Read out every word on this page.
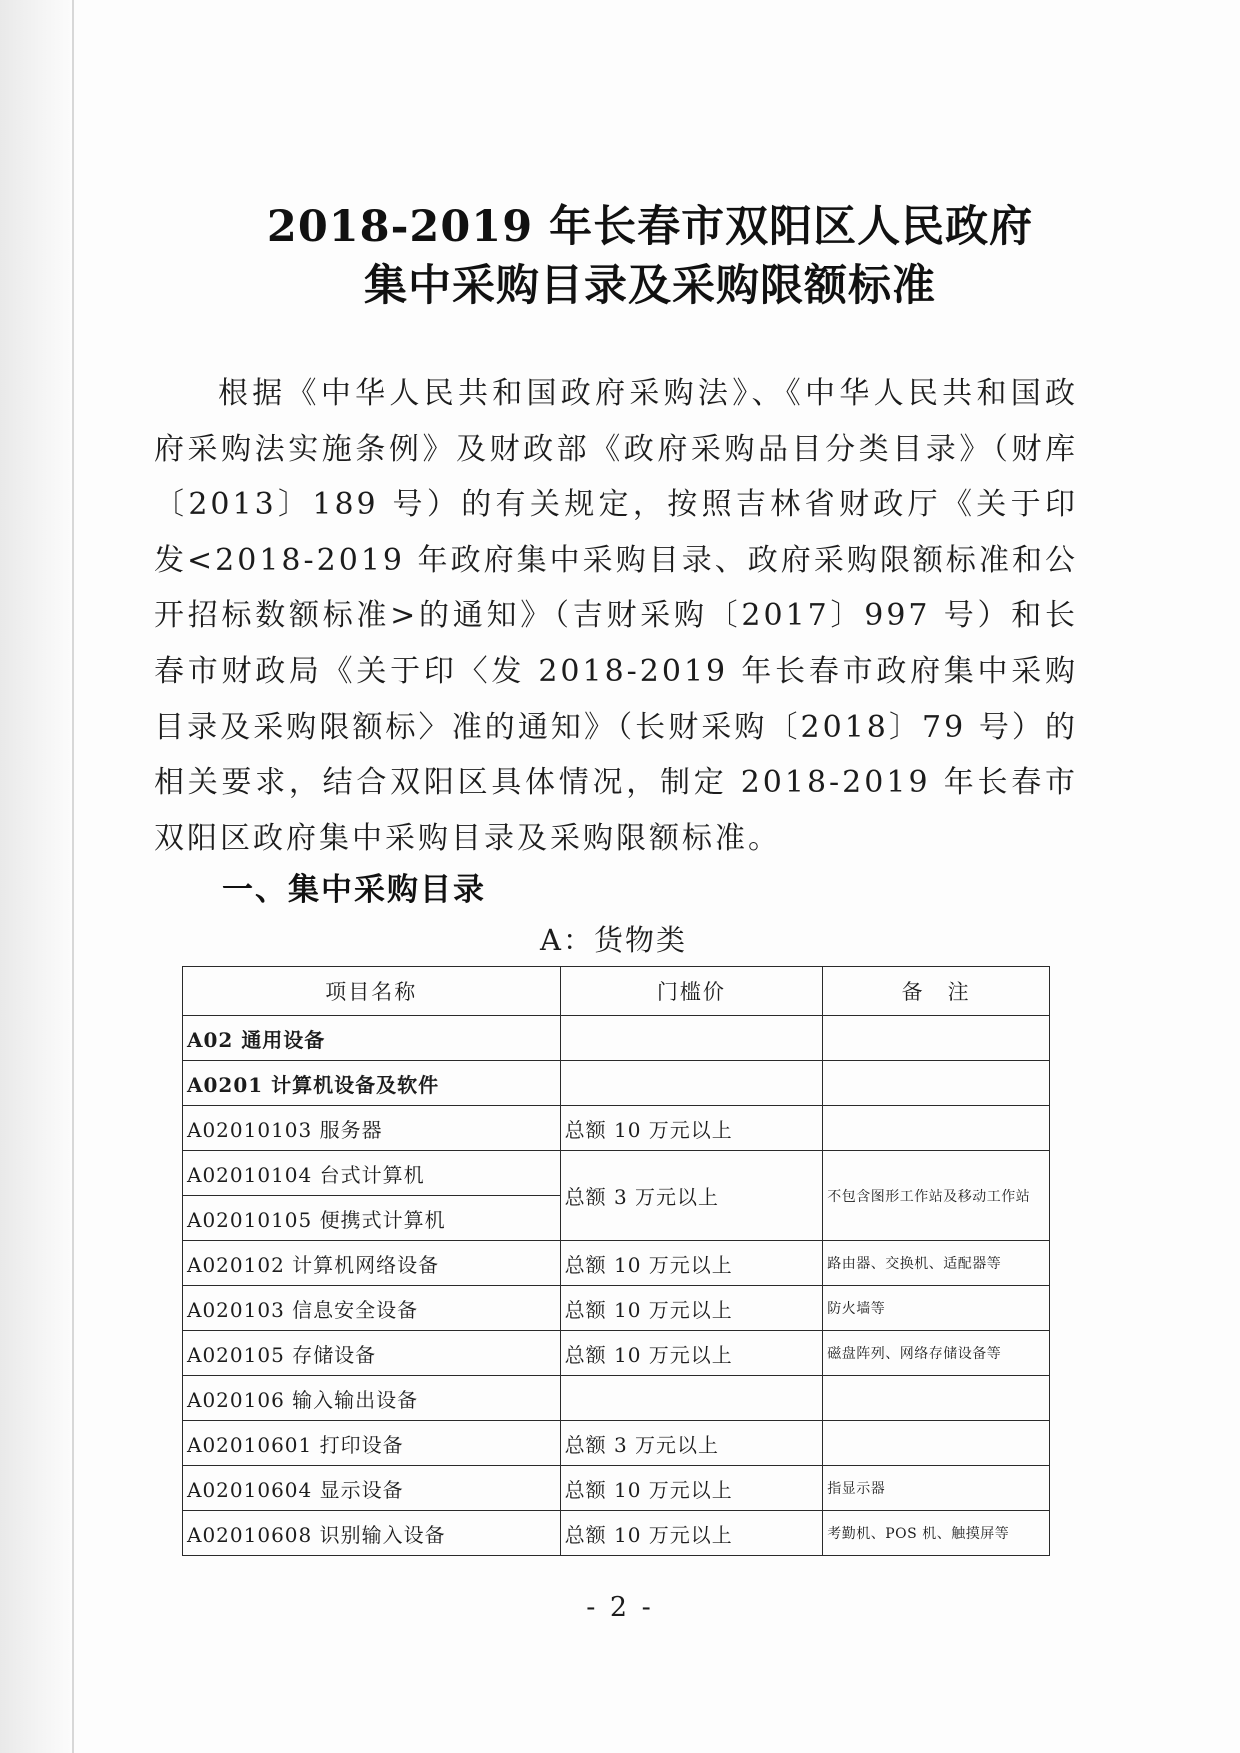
2018-2019 年长春市双阳区人民政府
集中采购目录及采购限额标准
根据《中华人民共和国政府采购法》、《中华人民共和国政府采购法实施条例》及财政部《政府采购品目分类目录》（财库〔2013〕189 号）的有关规定，按照吉林省财政厅《关于印发<2018-2019 年政府集中采购目录、政府采购限额标准和公开招标数额标准>的通知》（吉财采购〔2017〕997 号）和长春市财政局《关于印〈发 2018-2019 年长春市政府集中采购目录及采购限额标〉准的通知》（长财采购〔2018〕79 号）的相关要求，结合双阳区具体情况，制定 2018-2019 年长春市双阳区政府集中采购目录及采购限额标准。
一、集中采购目录
A：货物类
项目名称	门槛价	备　注
A02 通用设备		
A0201 计算机设备及软件		
A02010103 服务器	总额 10 万元以上	
A02010104 台式计算机	总额 3 万元以上	不包含图形工作站及移动工作站
A02010105 便携式计算机		
A020102 计算机网络设备	总额 10 万元以上	路由器、交换机、适配器等
A020103 信息安全设备	总额 10 万元以上	防火墙等
A020105 存储设备	总额 10 万元以上	磁盘阵列、网络存储设备等
A020106 输入输出设备		
A02010601 打印设备	总额 3 万元以上	
A02010604 显示设备	总额 10 万元以上	指显示器
A02010608 识别输入设备	总额 10 万元以上	考勤机、POS 机、触摸屏等
- 2 -
